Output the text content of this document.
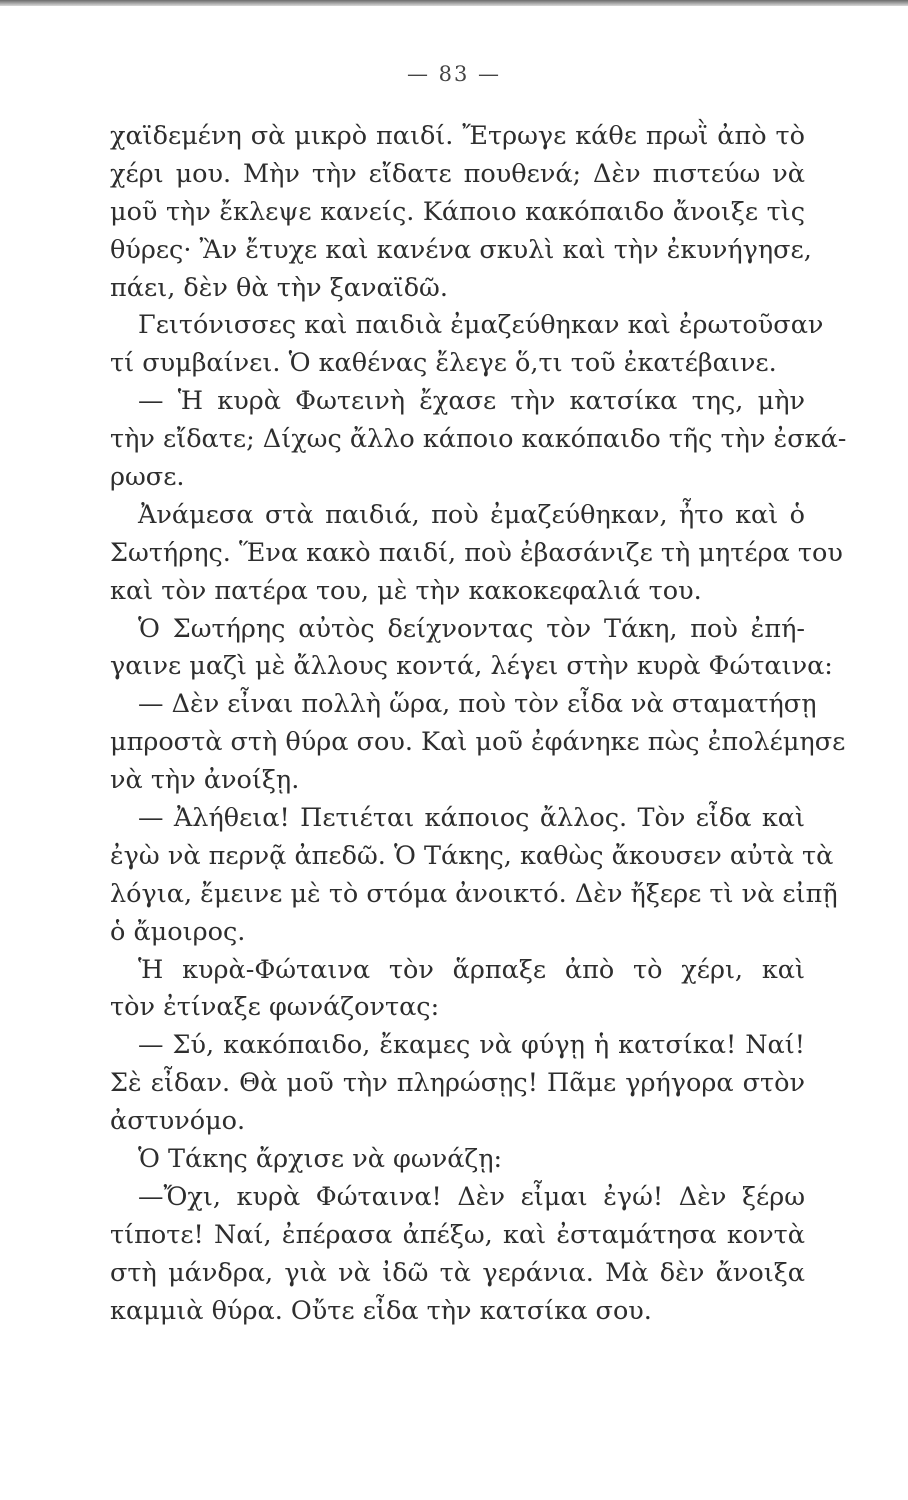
— 83 —
χαϊδεμένη σὰ μικρὸ παιδί. Ἔτρωγε κάθε πρωῒ ἀπὸ τὸ
χέρι μου. Μὴν τὴν εἴδατε πουθενά; Δὲν πιστεύω νὰ
μοῦ τὴν ἔκλεψε κανείς. Κάποιο κακόπαιδο ἄνοιξε τὶς
θύρες· Ἂν ἔτυχε καὶ κανένα σκυλὶ καὶ τὴν ἐκυνήγησε,
πάει, δὲν θὰ τὴν ξαναϊδῶ.
Γειτόνισσες καὶ παιδιὰ ἐμαζεύθηκαν καὶ ἐρωτοῦσαν
τί συμβαίνει. Ὁ καθένας ἔλεγε ὅ,τι τοῦ ἐκατέβαινε.
— Ἡ κυρὰ Φωτεινὴ ἔχασε τὴν κατσίκα της, μὴν
τὴν εἴδατε; Δίχως ἄλλο κάποιο κακόπαιδο τῆς τὴν ἐσκά-
ρωσε.
Ἀνάμεσα στὰ παιδιά, ποὺ ἐμαζεύθηκαν, ἦτο καὶ ὁ
Σωτήρης. Ἕνα κακὸ παιδί, ποὺ ἐβασάνιζε τὴ μητέρα του
καὶ τὸν πατέρα του, μὲ τὴν κακοκεφαλιά του.
Ὁ Σωτήρης αὐτὸς δείχνοντας τὸν Τάκη, ποὺ ἐπή-
γαινε μαζὶ μὲ ἄλλους κοντά, λέγει στὴν κυρὰ Φώταινα:
— Δὲν εἶναι πολλὴ ὥρα, ποὺ τὸν εἶδα νὰ σταματήσῃ
μπροστὰ στὴ θύρα σου. Καὶ μοῦ ἐφάνηκε πὼς ἐπολέμησε
νὰ τὴν ἀνοίξῃ.
— Ἀλήθεια! Πετιέται κάποιος ἄλλος. Τὸν εἶδα καὶ
ἐγὼ νὰ περνᾷ ἀπεδῶ. Ὁ Τάκης, καθὼς ἄκουσεν αὐτὰ τὰ
λόγια, ἔμεινε μὲ τὸ στόμα ἀνοικτό. Δὲν ἤξερε τὶ νὰ εἰπῇ
ὁ ἄμοιρος.
Ἡ κυρὰ-Φώταινα τὸν ἅρπαξε ἀπὸ τὸ χέρι, καὶ
τὸν ἐτίναξε φωνάζοντας:
— Σύ, κακόπαιδο, ἔκαμες νὰ φύγῃ ἡ κατσίκα! Ναί!
Σὲ εἶδαν. Θὰ μοῦ τὴν πληρώσῃς! Πᾶμε γρήγορα στὸν
ἀστυνόμο.
Ὁ Τάκης ἄρχισε νὰ φωνάζῃ:
—Ὄχι, κυρὰ Φώταινα! Δὲν εἶμαι ἐγώ! Δὲν ξέρω
τίποτε! Ναί, ἐπέρασα ἀπέξω, καὶ ἐσταμάτησα κοντὰ
στὴ μάνδρα, γιὰ νὰ ἰδῶ τὰ γεράνια. Μὰ δὲν ἄνοιξα
καμμιὰ θύρα. Οὔτε εἶδα τὴν κατσίκα σου.
